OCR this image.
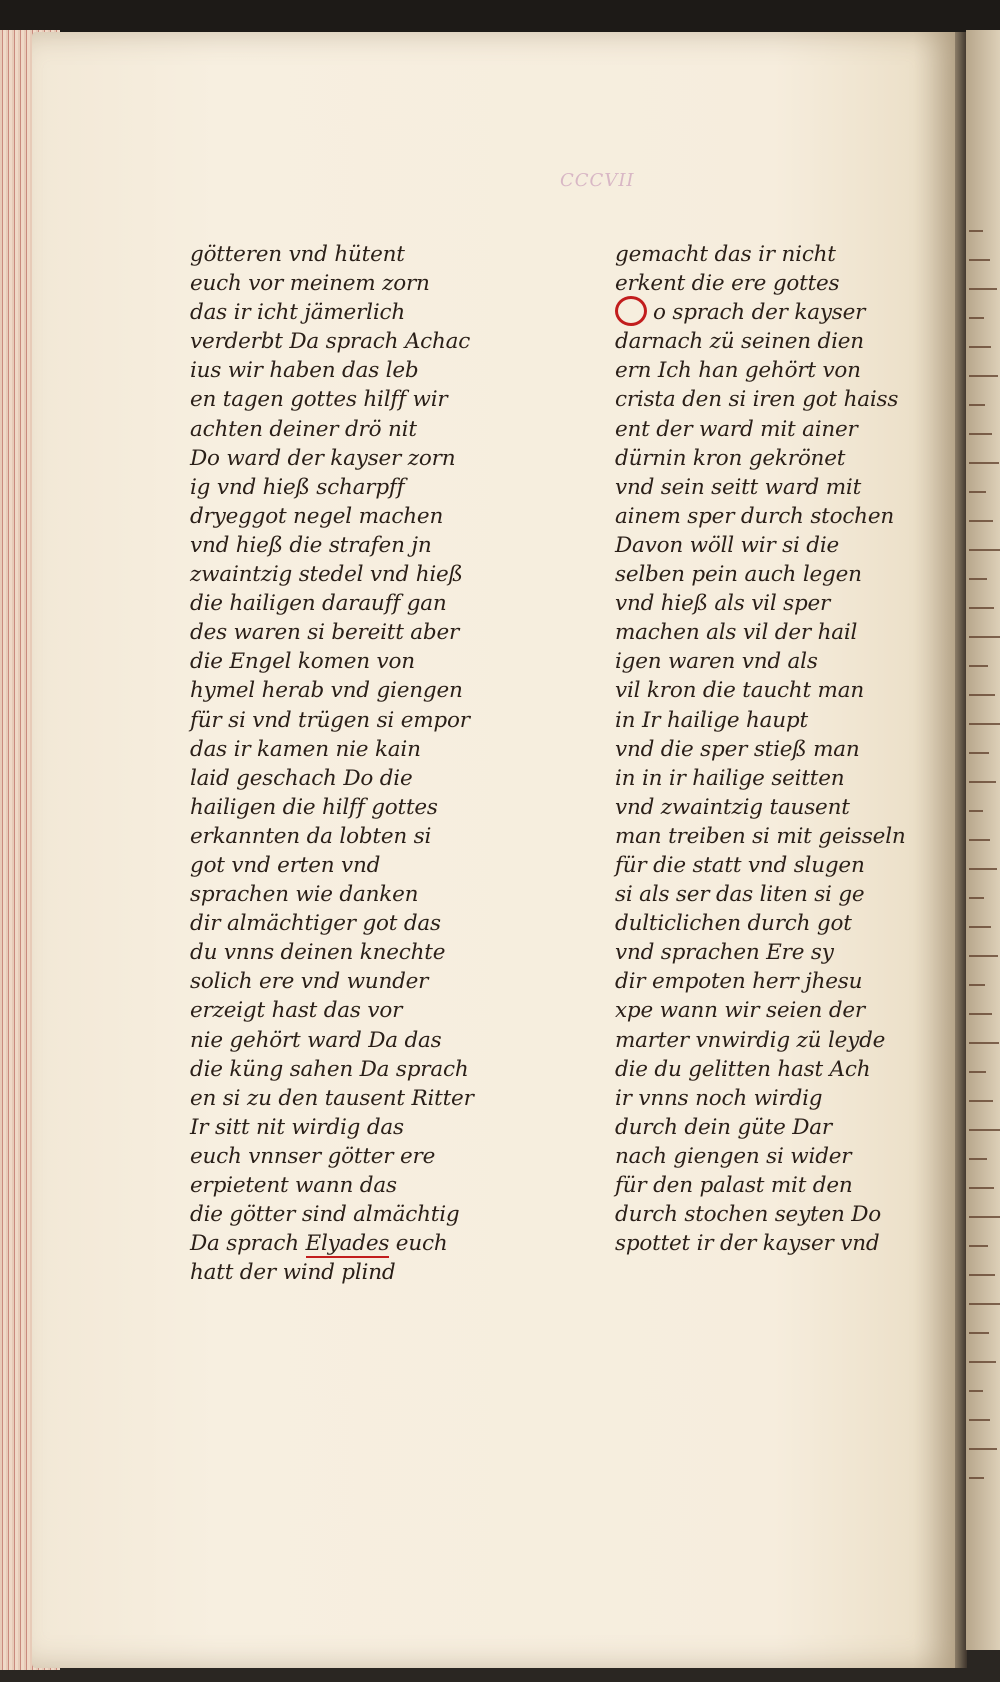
CCCVII
götteren vnd hütent
euch vor meinem zorn
das ir icht jämerlich
verderbt Da sprach Achac
ius wir haben das leb
en tagen gottes hilff wir
achten deiner drö nit
Do ward der kayser zorn
ig vnd hieß scharpff
dryeggot negel machen
vnd hieß die strafen jn
zwaintzig stedel vnd hieß
die hailigen darauff gan
des waren si bereitt aber
die Engel komen von
hymel herab vnd giengen
für si vnd trügen si empor
das ir kamen nie kain
laid geschach Do die
hailigen die hilff gottes
erkannten da lobten si
got vnd erten vnd
sprachen wie danken
dir almächtiger got das
du vnns deinen knechte
solich ere vnd wunder
erzeigt hast das vor
nie gehört ward Da das
die küng sahen Da sprach
en si zu den tausent Ritter
Ir sitt nit wirdig das
euch vnnser götter ere
erpietent wann das
die götter sind almächtig
Da sprach Elyades euch
hatt der wind plind
gemacht das ir nicht
erkent die ere gottes
o sprach der kayser
darnach zü seinen dien
ern Ich han gehört von
crista den si iren got haiss
ent der ward mit ainer
dürnin kron gekrönet
vnd sein seitt ward mit
ainem sper durch stochen
Davon wöll wir si die
selben pein auch legen
vnd hieß als vil sper
machen als vil der hail
igen waren vnd als
vil kron die taucht man
in Ir hailige haupt
vnd die sper stieß man
in in ir hailige seitten
vnd zwaintzig tausent
man treiben si mit geisseln
für die statt vnd slugen
si als ser das liten si ge
dulticlichen durch got
vnd sprachen Ere sy
dir empoten herr jhesu
xpe wann wir seien der
marter vnwirdig zü leyde
die du gelitten hast Ach
ir vnns noch wirdig
durch dein güte Dar
nach giengen si wider
für den palast mit den
durch stochen seyten Do
spottet ir der kayser vnd
